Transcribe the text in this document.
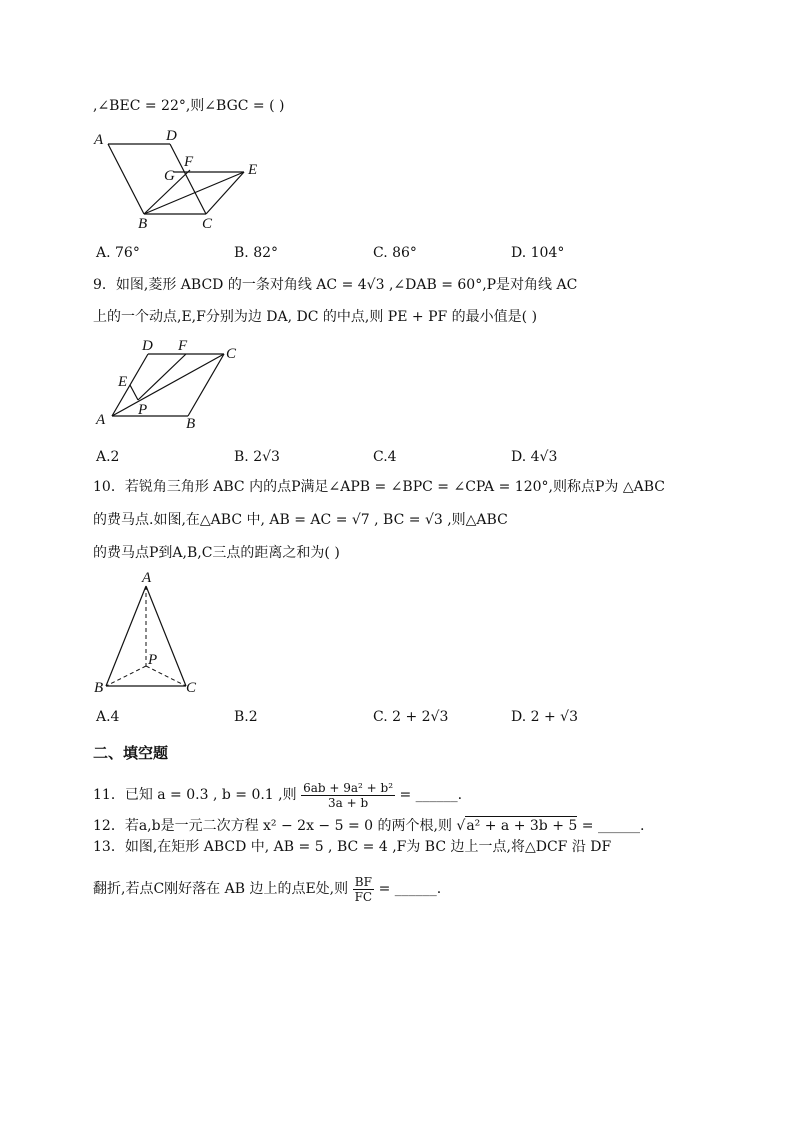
,∠BEC = 22°,则∠BGC = ( )
A	D
F
G	E
B	C
A. 76°	B. 82°	C. 86°	D. 104°
9．如图,菱形 ABCD 的一条对角线 AC = 4√3 ,∠DAB = 60°,P是对角线 AC
上的一个动点,E,F分别为边 DA, DC 的中点,则 PE + PF 的最小值是( )
D F	C
E
A
P
B
A.2	B. 2√3	C.4	D. 4√3
10．若锐角三角形 ABC 内的点P满足∠APB = ∠BPC = ∠CPA = 120°,则称点P为 △ABC
的费马点.如图,在△ABC 中, AB = AC = √7 , BC = √3 ,则△ABC
的费马点P到A,B,C三点的距离之和为( )
A
P
B	C
A.4	B.2	C. 2 + 2√3	D. 2 + √3
二、填空题
11．已知 a = 0.3 , b = 0.1 ,则 $\frac{\text{6ab + 9a² + b²}}{3a + b}$ = ______.
12．若a,b是一元二次方程 x² − 2x − 5 = 0 的两个根,则 √a² + a + 3b + 5 = ______.
13．如图,在矩形 ABCD 中, AB = 5 , BC = 4 ,F为 BC 边上一点,将△DCF 沿 DF
翻折,若点C刚好落在 AB 边上的点E处,则 $\frac{BF}{FC}$ = ______.
